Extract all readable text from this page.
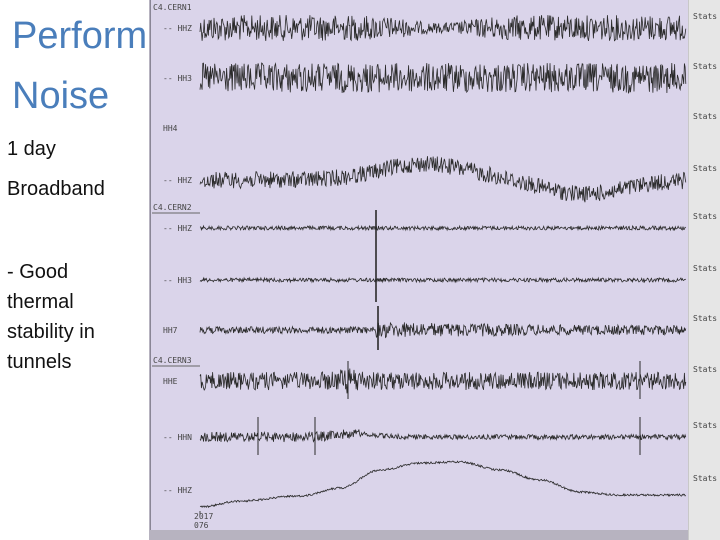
Perform
Noise
1 day
Broadband
- Good thermal stability in tunnels
C4.CERN1
-- HHZ
Stats
-- HH3
Stats
HH4
Stats
-- HHZ
Stats
C4.CERN2
-- HHZ
Stats
-- HH3
Stats
HH7
Stats
C4.CERN3
HHE
Stats
-- HHN
Stats
-- HHZ
Stats
2017
076
